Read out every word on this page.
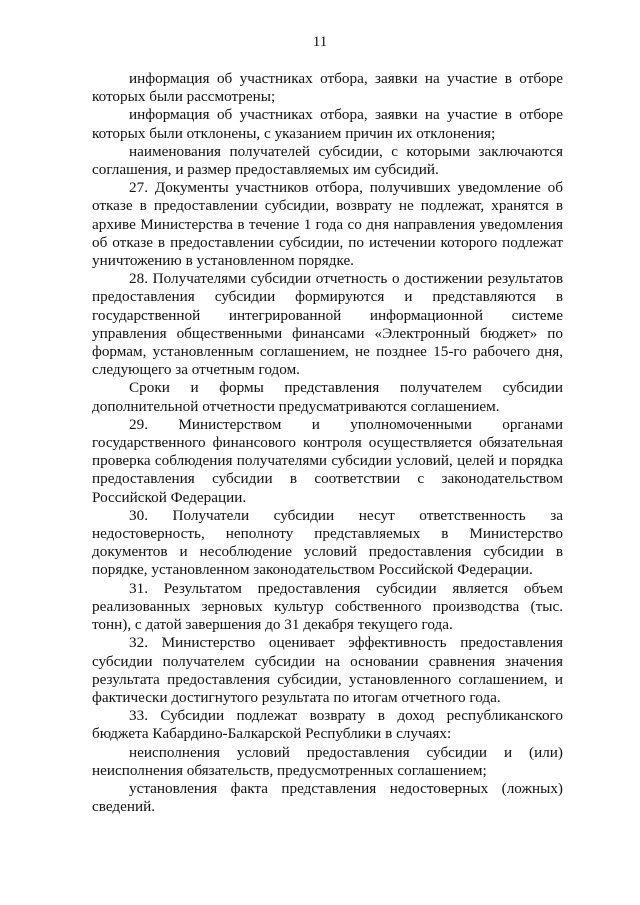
11

информация об участниках отбора, заявки на участие в отборе которых были рассмотрены;

информация об участниках отбора, заявки на участие в отборе которых были отклонены, с указанием причин их отклонения;

наименования получателей субсидии, с которыми заключаются соглашения, и размер предоставляемых им субсидий.

27. Документы участников отбора, получивших уведомление об отказе в предоставлении субсидии, возврату не подлежат, хранятся в архиве Министерства в течение 1 года со дня направления уведомления об отказе в предоставлении субсидии, по истечении которого подлежат уничтожению в установленном порядке.

28. Получателями субсидии отчетность о достижении результатов предоставления субсидии формируются и представляются в государственной интегрированной информационной системе управления общественными финансами «Электронный бюджет» по формам, установленным соглашением, не позднее 15-го рабочего дня, следующего за отчетным годом.

Сроки и формы представления получателем субсидии дополнительной отчетности предусматриваются соглашением.

29. Министерством и уполномоченными органами государственного финансового контроля осуществляется обязательная проверка соблюдения получателями субсидии условий, целей и порядка предоставления субсидии в соответствии с законодательством Российской Федерации.

30. Получатели субсидии несут ответственность за недостоверность, неполноту представляемых в Министерство документов и несоблюдение условий предоставления субсидии в порядке, установленном законодательством Российской Федерации.

31. Результатом предоставления субсидии является объем реализованных зерновых культур собственного производства (тыс. тонн), с датой завершения до 31 декабря текущего года.

32. Министерство оценивает эффективность предоставления субсидии получателем субсидии на основании сравнения значения результата предоставления субсидии, установленного соглашением, и фактически достигнутого результата по итогам отчетного года.

33. Субсидии подлежат возврату в доход республиканского бюджета Кабардино-Балкарской Республики в случаях:

неисполнения условий предоставления субсидии и (или) неисполнения обязательств, предусмотренных соглашением;

установления факта представления недостоверных (ложных) сведений.
